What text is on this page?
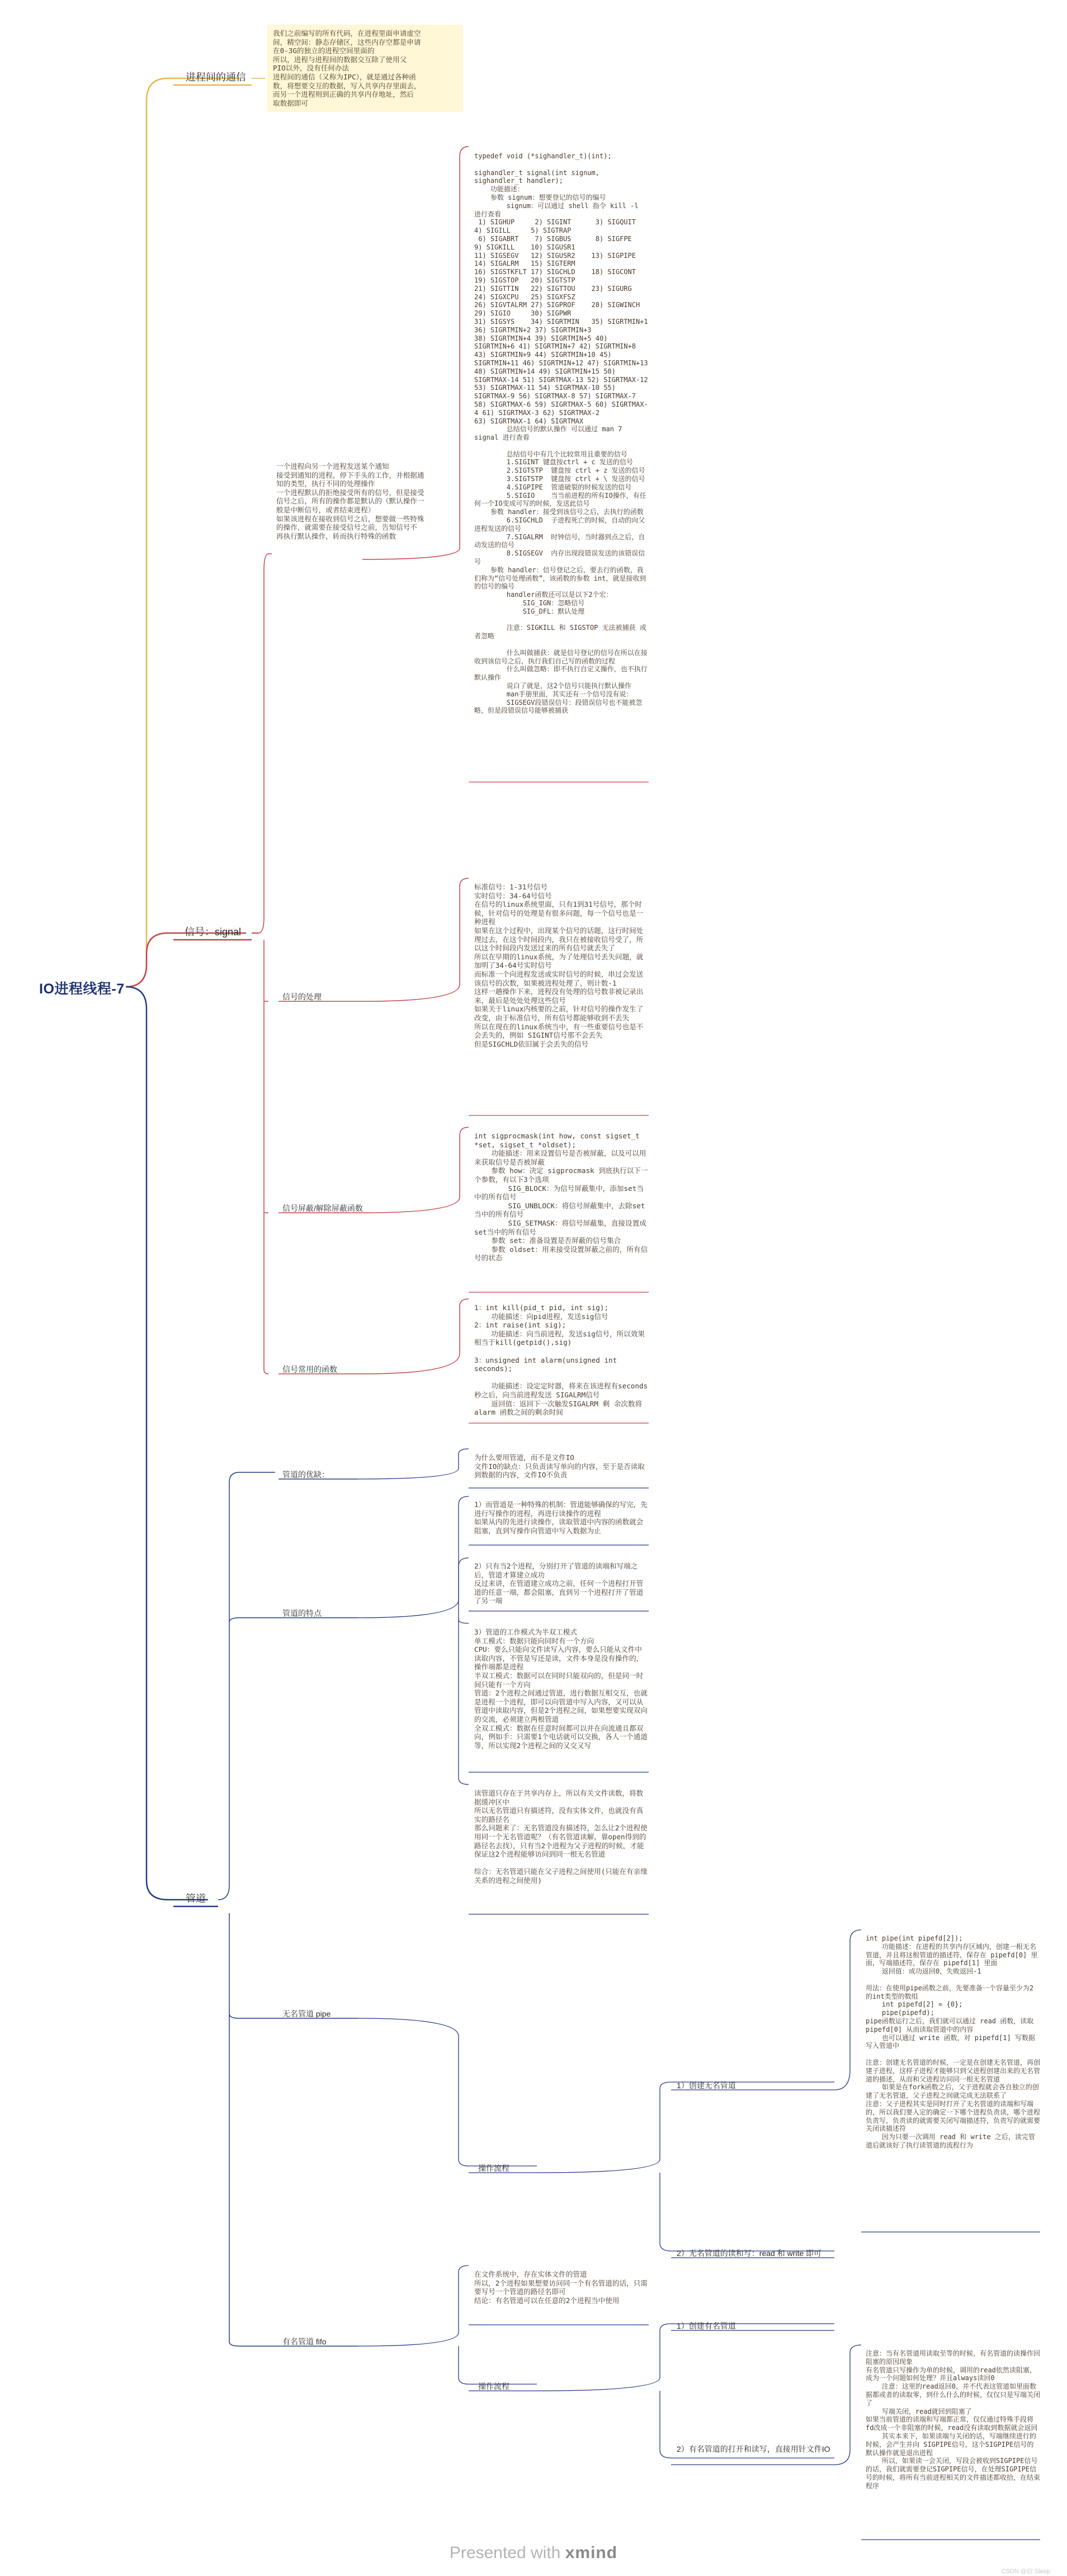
IO进程线程-7
进程间的通信
信号：signal
管道
我们之前编写的所有代码，在进程里面申请虚空
间，精空间：静态存储区，这些内存空都是申请
在0-3G的独立的进程空间里面的
所以，进程与进程间的数据交互除了使用父
PIO以外，没有任何办法
进程间的通信（又称为IPC），就是通过各种函
数，将想要交互的数据，写入共享内存里面去，
而另一个进程则到正确的共享内存地址，然后
取数据即可
信号的处理
信号屏蔽/解除屏蔽函数
信号常用的函数
一个进程向另一个进程发送某个通知
接受到通知的进程，停下手头的工作，并根据通
知的类型，执行不同的处理操作
一个进程默认的拒绝接受所有的信号，但是接受
信号之后，所有的操作都是默认的（默认操作一
般是中断信号，或者结束进程）
如果该进程在接收到信号之后，想要做一些特殊
的操作，就需要在接受信号之前，告知信号不
再执行默认操作，转而执行特殊的函数
typedef void (*sighandler_t)(int);

sighandler_t signal(int signum, sighandler_t handler);
功能描述：
参数 signum：想要登记的信号的编号
signum：可以通过 shell 指令 kill -l 进行查看
1) SIGHUP     2) SIGINT      3) SIGQUIT     4) SIGILL     5) SIGTRAP
6) SIGABRT    7) SIGBUS      8) SIGFPE      9) SIGKILL    10) SIGUSR1
11) SIGSEGV   12) SIGUSR2    13) SIGPIPE    14) SIGALRM   15) SIGTERM
16) SIGSTKFLT 17) SIGCHLD    18) SIGCONT    19) SIGSTOP   20) SIGTSTP
21) SIGTTIN   22) SIGTTOU    23) SIGURG     24) SIGXCPU   25) SIGXFSZ
26) SIGVTALRM 27) SIGPROF    28) SIGWINCH   29) SIGIO     30) SIGPWR
31) SIGSYS    34) SIGRTMIN   35) SIGRTMIN+1 36) SIGRTMIN+2 37) SIGRTMIN+3
38) SIGRTMIN+4 39) SIGRTMIN+5 40) SIGRTMIN+6 41) SIGRTMIN+7 42) SIGRTMIN+8
43) SIGRTMIN+9 44) SIGRTMIN+10 45) SIGRTMIN+11 46) SIGRTMIN+12 47) SIGRTMIN+13
48) SIGRTMIN+14 49) SIGRTMIN+15 50) SIGRTMAX-14 51) SIGRTMAX-13 52) SIGRTMAX-12
53) SIGRTMAX-11 54) SIGRTMAX-10 55) SIGRTMAX-9 56) SIGRTMAX-8 57) SIGRTMAX-7
58) SIGRTMAX-6 59) SIGRTMAX-5 60) SIGRTMAX-4 61) SIGRTMAX-3 62) SIGRTMAX-2
63) SIGRTMAX-1 64) SIGRTMAX
总结信号的默认操作 可以通过 man 7 signal 进行查看

总结信号中有几个比较常用且重要的信号
1.SIGINT 键盘按ctrl + c 发送的信号
2.SIGTSTP  键盘按 ctrl + z 发送的信号
3.SIGTSTP  键盘按 ctrl + \ 发送的信号
4.SIGPIPE  管道破裂的时候发送的信号
5.SIGIO    当当前进程的所有IO操作，有任何一个IO变成可写的时候，发送此信号
参数 handler：接受到该信号之后，去执行的函数
6.SIGCHLD  子进程死亡的时候，自动的向父进程发送的信号
7.SIGALRM  时钟信号，当时器到点之后，自动发送的信号
8.SIGSEGV  内存出现段错误发送的该错误信号
参数 handler：信号登记之后，要去行的函数，我们称为“信号处理函数”，该函数的参数 int，就是接收到的信号的编号
handler函数还可以是以下2个宏：
SIG_IGN：忽略信号
SIG_DFL：默认处理

注意：SIGKILL 和 SIGSTOP 无法被捕获 或者忽略

什么叫做捕获：就是信号登记的信号在所以在接收到该信号之后，执行我们自己写的函数的过程
什么叫做忽略：即不执行自定义操作，也不执行默认操作
说白了就是，这2个信号只能执行默认操作
man手册里面，其实还有一个信号没有说：
SIGSEGV段错误信号：段错误信号也不能被忽略，但是段错误信号能够被捕获
标准信号：1-31号信号
实时信号：34-64号信号
在信号的linux系统里面，只有1到31号信号，那个时候，针对信号的处理是有很多问题，每一个信号也是一种进程
如果在这个过程中，出现某个信号的话题，这行时间处理过去，在这个时间段内，我只在被接收信号受了，所以这个时间段内发送过来的所有信号就丢失了
所以在早期的linux系统，为了处理信号丢失问题，就加明了34-64号实时信号
而标准一个向进程发送或实时信号的时候，串过会发送该信号的次数，如果被进程处理了，则计数-1
这样一趟操作下来，进程没有处理的信号数非被记录出来，最后是处处处理这些信号
如果关于linux内核要的之前，针对信号的操作发生了改变，由于标准信号，所有信号都能够收到不丢失
所以在现在的linux系统当中，有一些重要信号也是不会丢失的，例如 SIGINT信号那不会丢失
但是SIGCHLD依旧属于会丢失的信号
int sigprocmask(int how, const sigset_t *set, sigset_t *oldset);
功能描述：用来设置信号是否被屏蔽，以及可以用来获取信号是否被屏蔽
参数 how：决定 sigprocmask 到底执行以下一个参数，有以下3个选项
SIG_BLOCK：为信号屏蔽集中，添加set当中的所有信号
SIG_UNBLOCK：将信号屏蔽集中，去除set当中的所有信号
SIG_SETMASK：将信号屏蔽集，直接设置成set当中的所有信号
参数 set：准备设置是否屏蔽的信号集合
参数 oldset：用来接受设置屏蔽之前的，所有信号的状态
1：int kill(pid_t pid, int sig);
功能描述：向pid进程，发送sig信号
2：int raise(int sig);
功能描述：向当前进程，发送sig信号，所以效果相当于kill(getpid(),sig)

3：unsigned int alarm(unsigned int seconds);

功能描述：设定定时器，将来在该进程有seconds秒之后，向当前进程发送 SIGALRM信号
返回值：返回下一次触发SIGALRM 剩 余次数将 alarm 函数之间的剩余时间
管道的优缺：
管道的特点
无名管道 pipe
操作流程
1）创建无名管道
2）无名管道的读和写：read 和 write 即可
有名管道 fifo
操作流程
1）创建有名管道
2）有名管道的打开和读写，直接用针文件IO
为什么要用管道，而不是文件IO
文件IO的缺点：只负责读写单向的内容，至于是否读取到数据的内容，文件IO不负责
1）而管道是一种特殊的机制：管道能够确保的写完，先进行写操作的进程，再进行读操作的进程
如果从内的先进行读操作，读取管道中内容的函数就会阻塞，直到写操作向管道中写入数据为止
2）只有当2个进程，分别打开了管道的读端和写端之后，管道才算建立成功
反过来讲，在管道建立成功之前，任何一个进程打开管道的任意一端，都会阻塞，直到另一个进程打开了管道了另一端
3）管道的工作模式为半双工模式
单工模式：数据只能向同时有一个方向
CPU：要么只能向文件读写入内容，要么只能从文件中读取内容，不管是写还是读，文件本身是没有操作的，操作端都是进程
半双工模式：数据可以在同时只能双向的，但是同一时间只能有一个方向
管道：2个进程之间通过管道，进行数据互相交互，也就是进程一个进程，即可以向管道中写入内容，又可以从管道中读取内容，但是2个进程之间，如果想要实现双向的交流，必须建立两根管道
全双工模式：数据在任意时间都可以并在向流通且都双向，例如手：只需要1个电话就可以交换，各人一个通道等，所以实现2个进程之间的又交又写
读管道只存在于共享内存上，所以有关文件读数，将数据缓冲区中
所以无名管道只有描述符，没有实体文件，也就没有真实的路径名
那么问题来了：无名管道没有描述符，怎么让2个进程使用同一个无名管道呢？（有名管道读解，靠open得到的路径名去找），只有当2个进程为父子进程的时候，才能保证这2个进程能够访问到同一根无名管道

综合：无名管道只能在父子进程之间使用(只能在有亲缘关系的进程之间使用)
int pipe(int pipefd[2]);
功能描述：在进程的共享内存区域内，创建一根无名管道，并且将这根管道的描述符，保存在 pipefd[0] 里面，写端描述符，保存在 pipefd[1] 里面
返回值：成功返回0，失败返回-1

用法：在使用pipe函数之前，先要准备一个容量至少为2的int类型的数组
int pipefd[2] = {0};
pipe(pipefd);
pipe函数运行之后，我们就可以通过 read 函数，读取 pipefd[0] 从而读取管道中的内容
也可以通过 write 函数，对 pipefd[1] 写数据写入管道中

注意：创建无名管道的时候，一定是在创建无名管道，再创建子进程，这样子进程才能够只到父进程创建出来的无名管道的描述，从而和父进程访问同一根无名管道
如果是在fork函数之后，父子进程就会各自独立的创建了无名管道，父子进程之间就完成无法联系了
注意：父子进程其实是同时打开了无名管道的读端和写端的，所以我们要入定的确定一下哪个进程负责读，哪个进程负责写，负责读的就需要关闭写端描述符，负责写的就需要关闭读描述符
因为只要一次调用 read 和 write 之后，读完管道后就该好了执行读管道的流程行为
在文件系统中，存在实体文件的管道
所以，2个进程如果想要访问同一个有名管道的话，只需要写号一个管道的路径名即可
结论：有名管道可以在任意的2个进程当中使用
注意：当有名管道用读取至等的时候，有名管道的读操作回阻塞的原因现象
有名管道只写操作为单的时候，调用的read依然读阻塞，成为一个问题如何处理？并且always读回0
注意：这里的read返回0，并不代表这管道如里面数据都或者的读取零，到什么什么的时候，仅仅只是写端关闭了
写端关闭，read就回到阻塞了
如果当前管道的读端和写端都正常，仅仅通过特殊手段将fd改成一个非阻塞的时候，read没有读取到数据就会返回
其实本来下，如果读端与关闭的话，写端继续进行的时候，会产生并向 SIGPIPE信号，这个SIGPIPE信号的默认操作就是退出进程
所以，如果读一会关闭，写段会被收到SIGPIPE信号的话，我们就需要登记SIGPIPE信号，在处理SIGPIPE信号的时候，将所有当前进程相关的文件描述都收拾，在结束程序
Presented with xmind
CSDN @拾 Sleep
